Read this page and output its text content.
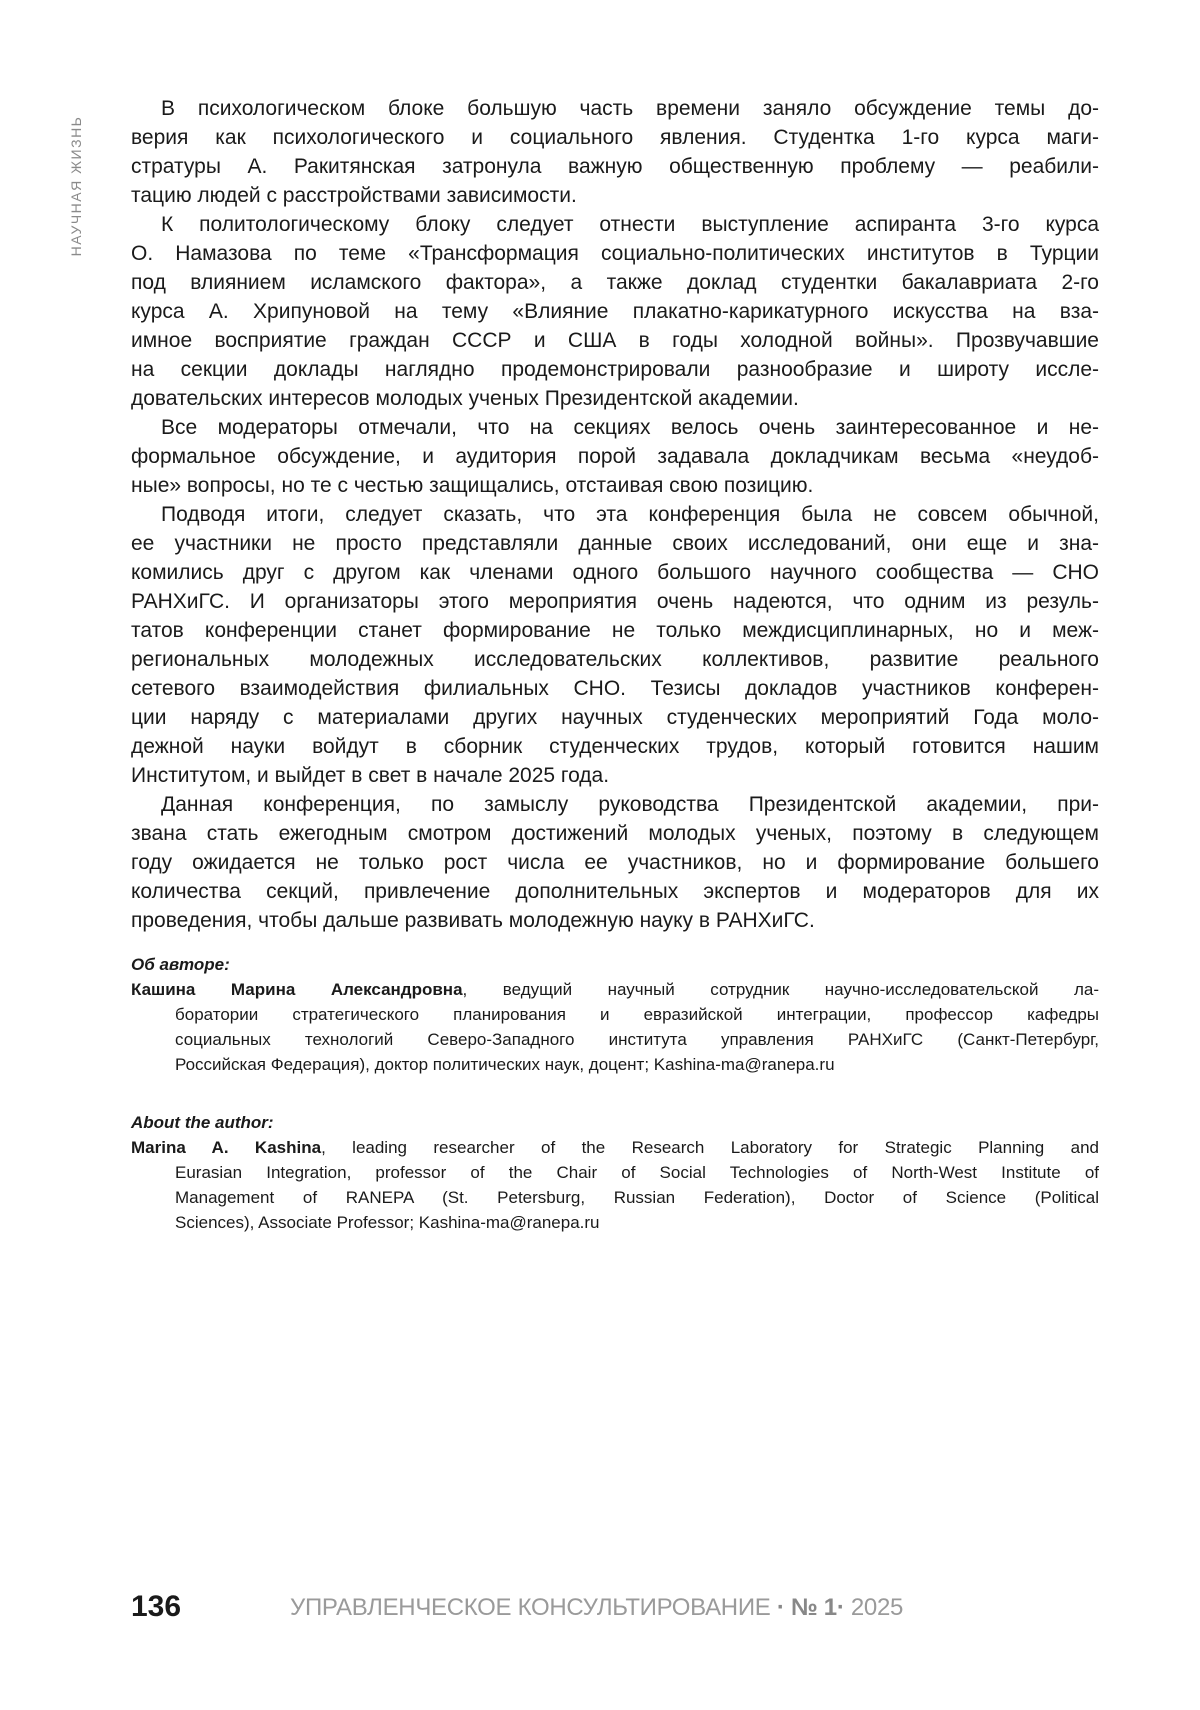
НАУЧНАЯ ЖИЗНЬ
В психологическом блоке большую часть времени заняло обсуждение темы до-
верия как психологического и социального явления. Студентка 1-го курса маги-
стратуры А. Ракитянская затронула важную общественную проблему — реабили-
тацию людей с расстройствами зависимости.
К политологическому блоку следует отнести выступление аспиранта 3-го курса
О. Намазова по теме «Трансформация социально-политических институтов в Турции
под влиянием исламского фактора», а также доклад студентки бакалавриата 2-го
курса А. Хрипуновой на тему «Влияние плакатно-карикатурного искусства на вза-
имное восприятие граждан СССР и США в годы холодной войны». Прозвучавшие
на секции доклады наглядно продемонстрировали разнообразие и широту иссле-
довательских интересов молодых ученых Президентской академии.
Все модераторы отмечали, что на секциях велось очень заинтересованное и не-
формальное обсуждение, и аудитория порой задавала докладчикам весьма «неудоб-
ные» вопросы, но те с честью защищались, отстаивая свою позицию.
Подводя итоги, следует сказать, что эта конференция была не совсем обычной,
ее участники не просто представляли данные своих исследований, они еще и зна-
комились друг с другом как членами одного большого научного сообщества — СНО
РАНХиГС. И организаторы этого мероприятия очень надеются, что одним из резуль-
татов конференции станет формирование не только междисциплинарных, но и меж-
региональных молодежных исследовательских коллективов, развитие реального
сетевого взаимодействия филиальных СНО. Тезисы докладов участников конферен-
ции наряду с материалами других научных студенческих мероприятий Года моло-
дежной науки войдут в сборник студенческих трудов, который готовится нашим
Институтом, и выйдет в свет в начале 2025 года.
Данная конференция, по замыслу руководства Президентской академии, при-
звана стать ежегодным смотром достижений молодых ученых, поэтому в следующем
году ожидается не только рост числа ее участников, но и формирование большего
количества секций, привлечение дополнительных экспертов и модераторов для их
проведения, чтобы дальше развивать молодежную науку в РАНХиГС.
Об авторе:
Кашина Марина Александровна, ведущий научный сотрудник научно-исследовательской ла-
боратории стратегического планирования и евразийской интеграции, профессор кафедры
социальных технологий Северо-Западного института управления РАНХиГС (Санкт-Петербург,
Российская Федерация), доктор политических наук, доцент; Kashina-ma@ranepa.ru
About the author:
Marina A. Kashina, leading researcher of the Research Laboratory for Strategic Planning and
Eurasian Integration, professor of the Chair of Social Technologies of North-West Institute of
Management of RANEPA (St. Petersburg, Russian Federation), Doctor of Science (Political
Sciences), Associate Professor; Kashina-ma@ranepa.ru
136	УПРАВЛЕНЧЕСКОЕ КОНСУЛЬТИРОВАНИЕ · № 1· 2025
